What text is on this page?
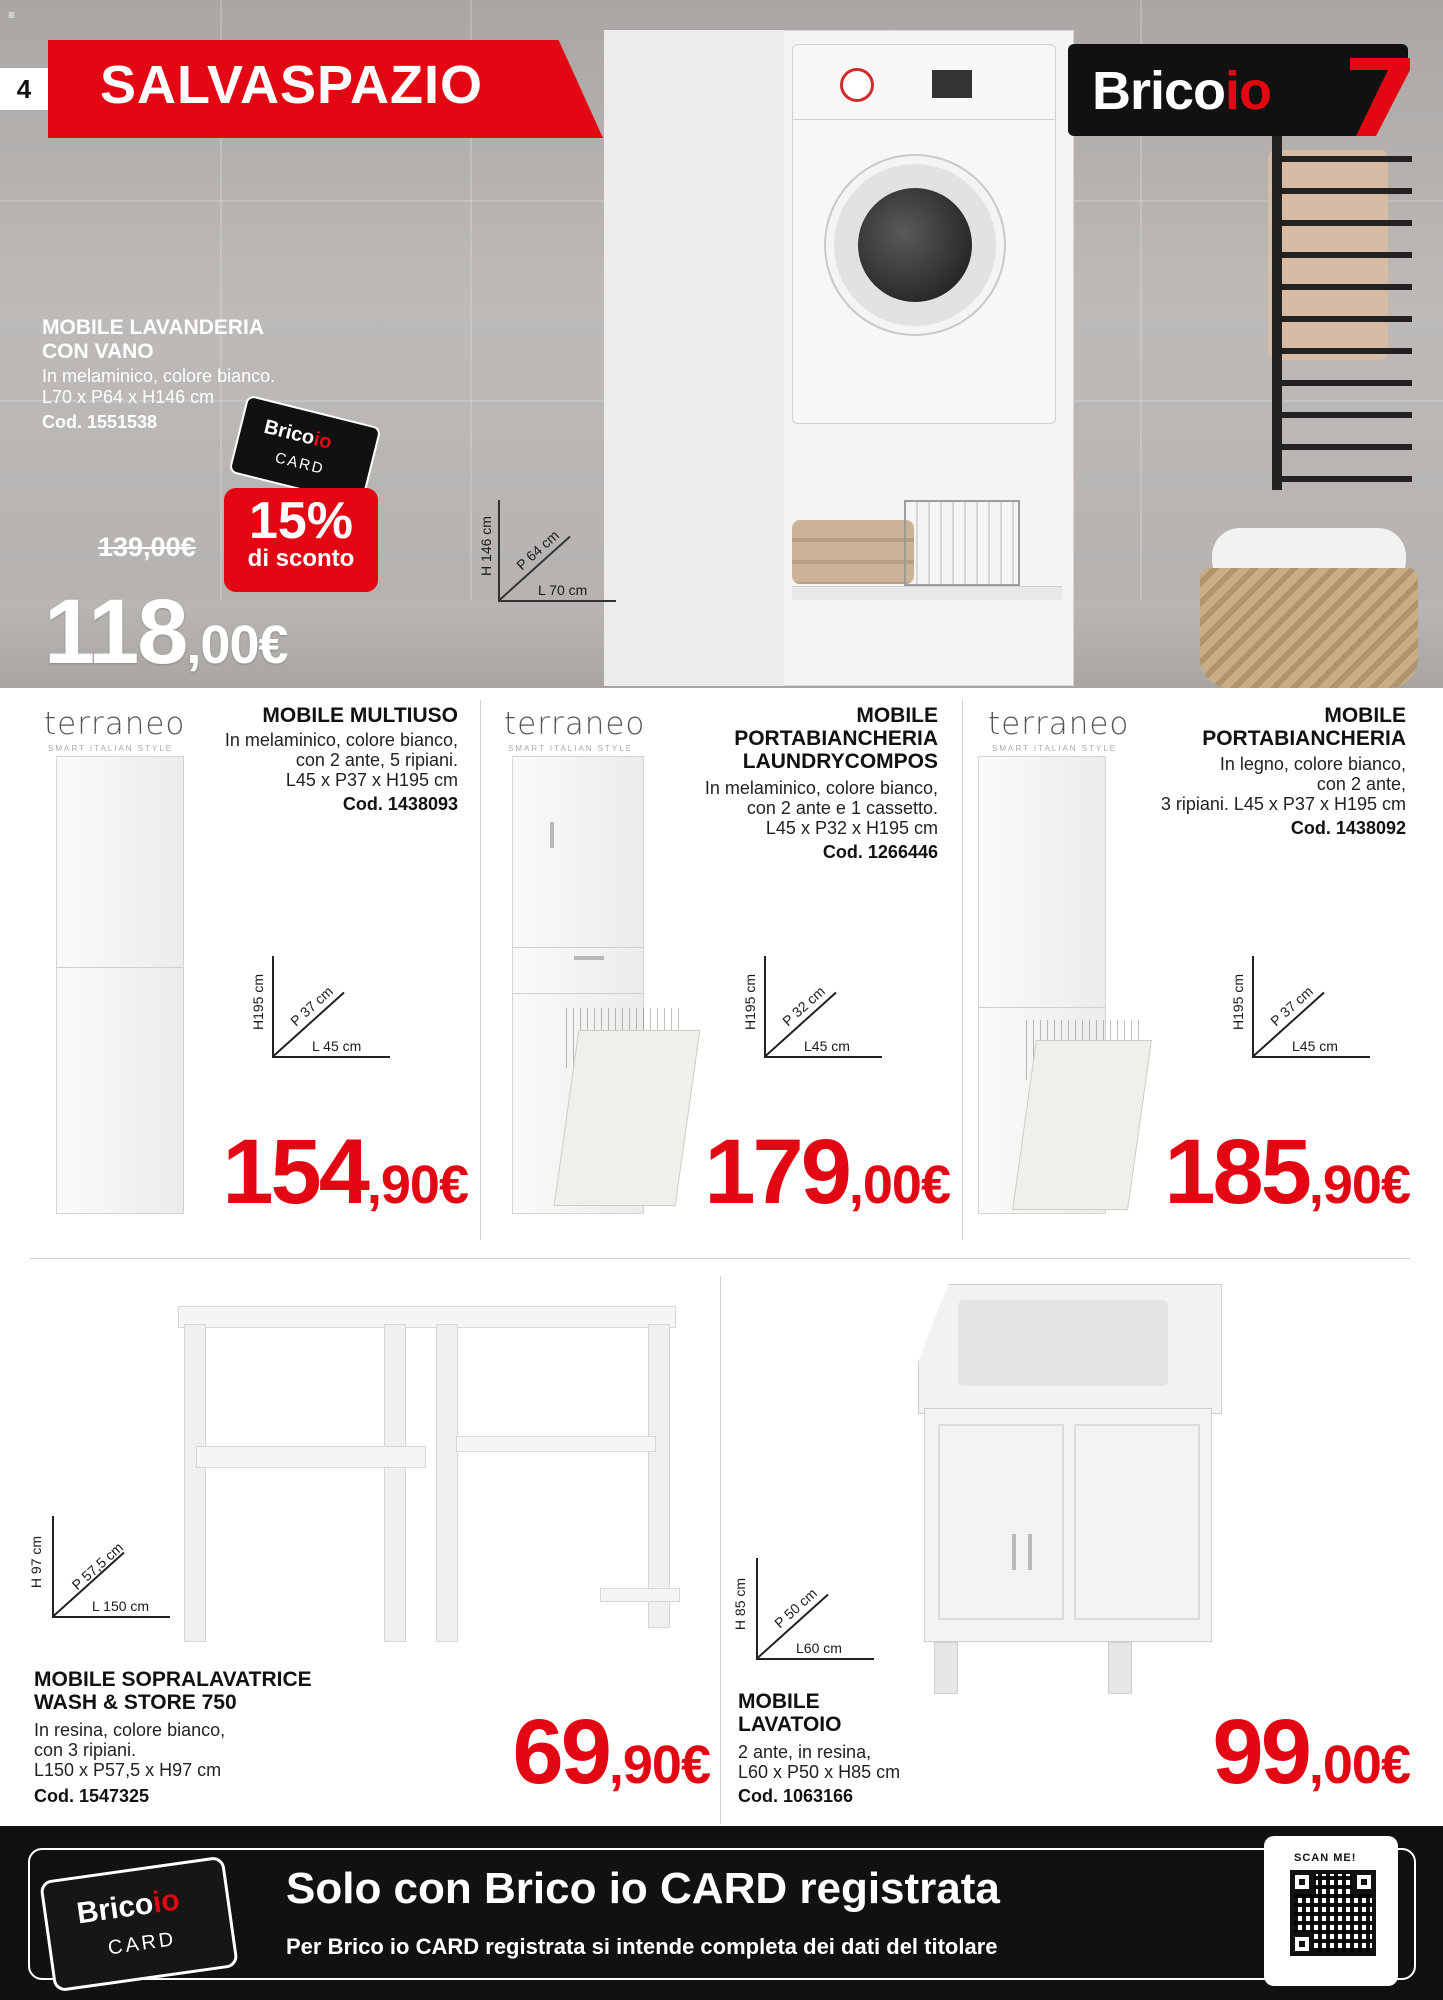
≡
4	SALVASPAZIO	Bricoio
MOBILE LAVANDERIA
CON VANO
In melaminico, colore bianco.
L70 x P64 x H146 cm
Cod. 1551538	Bricoio
CARD
139,00€	15%
di sconto
118,00€
H 146 cm P 64 cm
L 70 cm
terraneo
SMART ITALIAN STYLE
MOBILE MULTIUSO
In melaminico, colore bianco,
con 2 ante, 5 ripiani.
L45 x P37 x H195 cm
Cod. 1438093
H195 cm P 37 cm
L 45 cm
154,90€
terraneo
SMART ITALIAN STYLE
MOBILE
PORTABIANCHERIA
LAUNDRYCOMPOS
In melaminico, colore bianco,
con 2 ante e 1 cassetto.
L45 x P32 x H195 cm
Cod. 1266446
H195 cm P 32 cm
L45 cm
179,00€
terraneo
SMART ITALIAN STYLE
MOBILE
PORTABIANCHERIA
In legno, colore bianco,
con 2 ante,
3 ripiani. L45 x P37 x H195 cm
Cod. 1438092
H195 cm P 37 cm
L45 cm
185,90€
H 97 cm P 57,5 cm
L 150 cm
MOBILE SOPRALAVATRICE
WASH & STORE 750
In resina, colore bianco,
con 3 ripiani.
L150 x P57,5 x H97 cm
Cod. 1547325	69,90€
H 85 cm P 50 cm
L60 cm
MOBILE
LAVATOIO
2 ante, in resina,
L60 x P50 x H85 cm
Cod. 1063166	99,00€
Bricoio
CARD
Solo con Brico io CARD registrata
Per Brico io CARD registrata si intende completa dei dati del titolare
SCAN ME!
